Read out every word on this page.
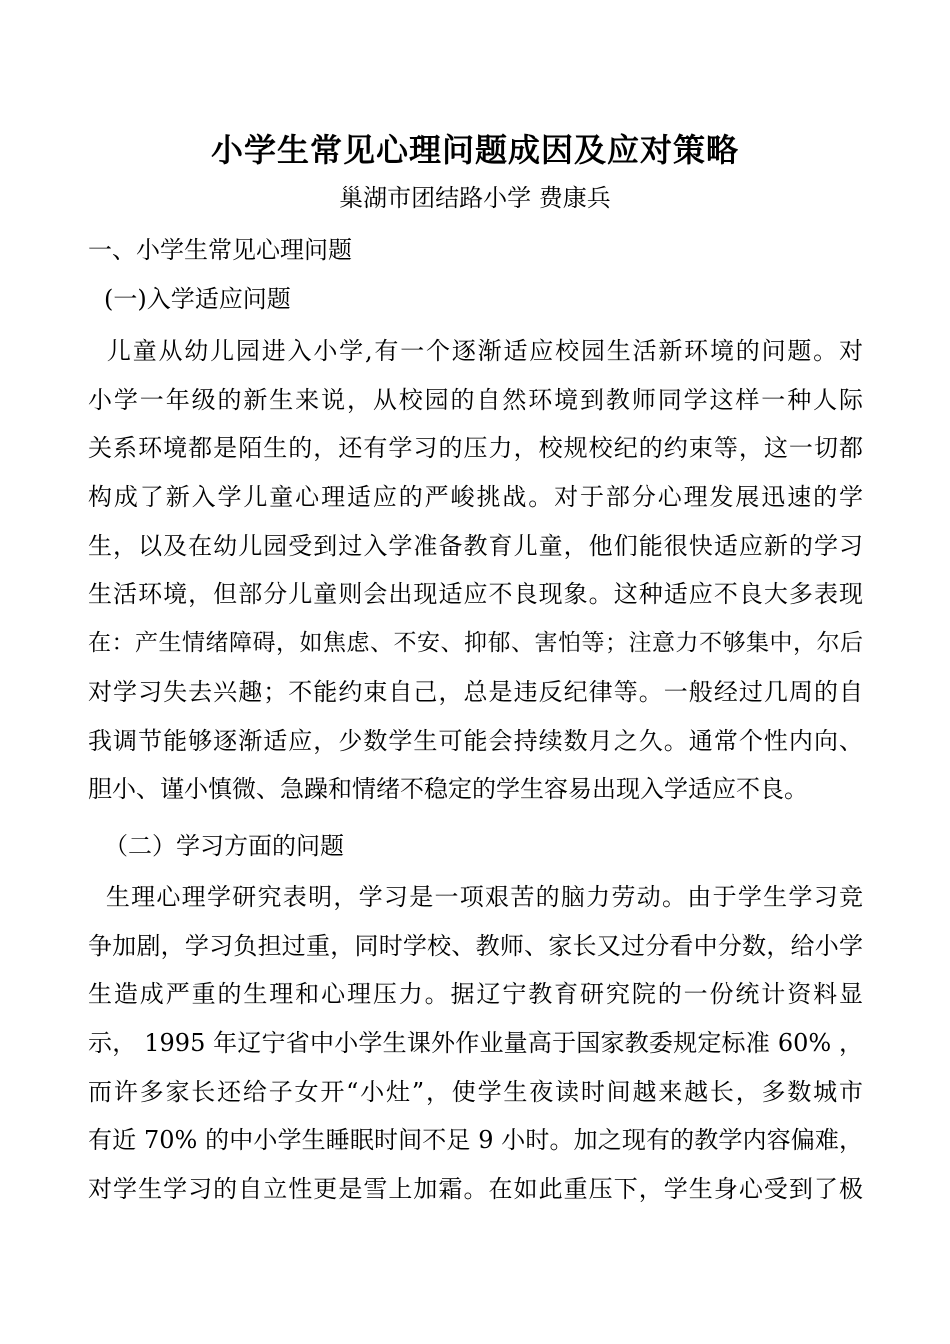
小学生常见心理问题成因及应对策略
巢湖市团结路小学 费康兵
一、小学生常见心理问题
(一)入学适应问题
儿童从幼儿园进入小学,有一个逐渐适应校园生活新环境的问题。对
小学一年级的新生来说，从校园的自然环境到教师同学这样一种人际
关系环境都是陌生的，还有学习的压力，校规校纪的约束等，这一切都
构成了新入学儿童心理适应的严峻挑战。对于部分心理发展迅速的学
生，以及在幼儿园受到过入学准备教育儿童，他们能很快适应新的学习
生活环境，但部分儿童则会出现适应不良现象。这种适应不良大多表现
在：产生情绪障碍，如焦虑、不安、抑郁、害怕等；注意力不够集中，尔后
对学习失去兴趣；不能约束自己，总是违反纪律等。一般经过几周的自
我调节能够逐渐适应，少数学生可能会持续数月之久。通常个性内向、
胆小、谨小慎微、急躁和情绪不稳定的学生容易出现入学适应不良。
（二）学习方面的问题
生理心理学研究表明，学习是一项艰苦的脑力劳动。由于学生学习竞
争加剧，学习负担过重，同时学校、教师、家长又过分看中分数，给小学
生造成严重的生理和心理压力。据辽宁教育研究院的一份统计资料显
示， 1995 年辽宁省中小学生课外作业量高于国家教委规定标准 60% ，
而许多家长还给子女开“小灶”，使学生夜读时间越来越长，多数城市
有近 70% 的中小学生睡眠时间不足 9 小时。加之现有的教学内容偏难，
对学生学习的自立性更是雪上加霜。在如此重压下，学生身心受到了极
